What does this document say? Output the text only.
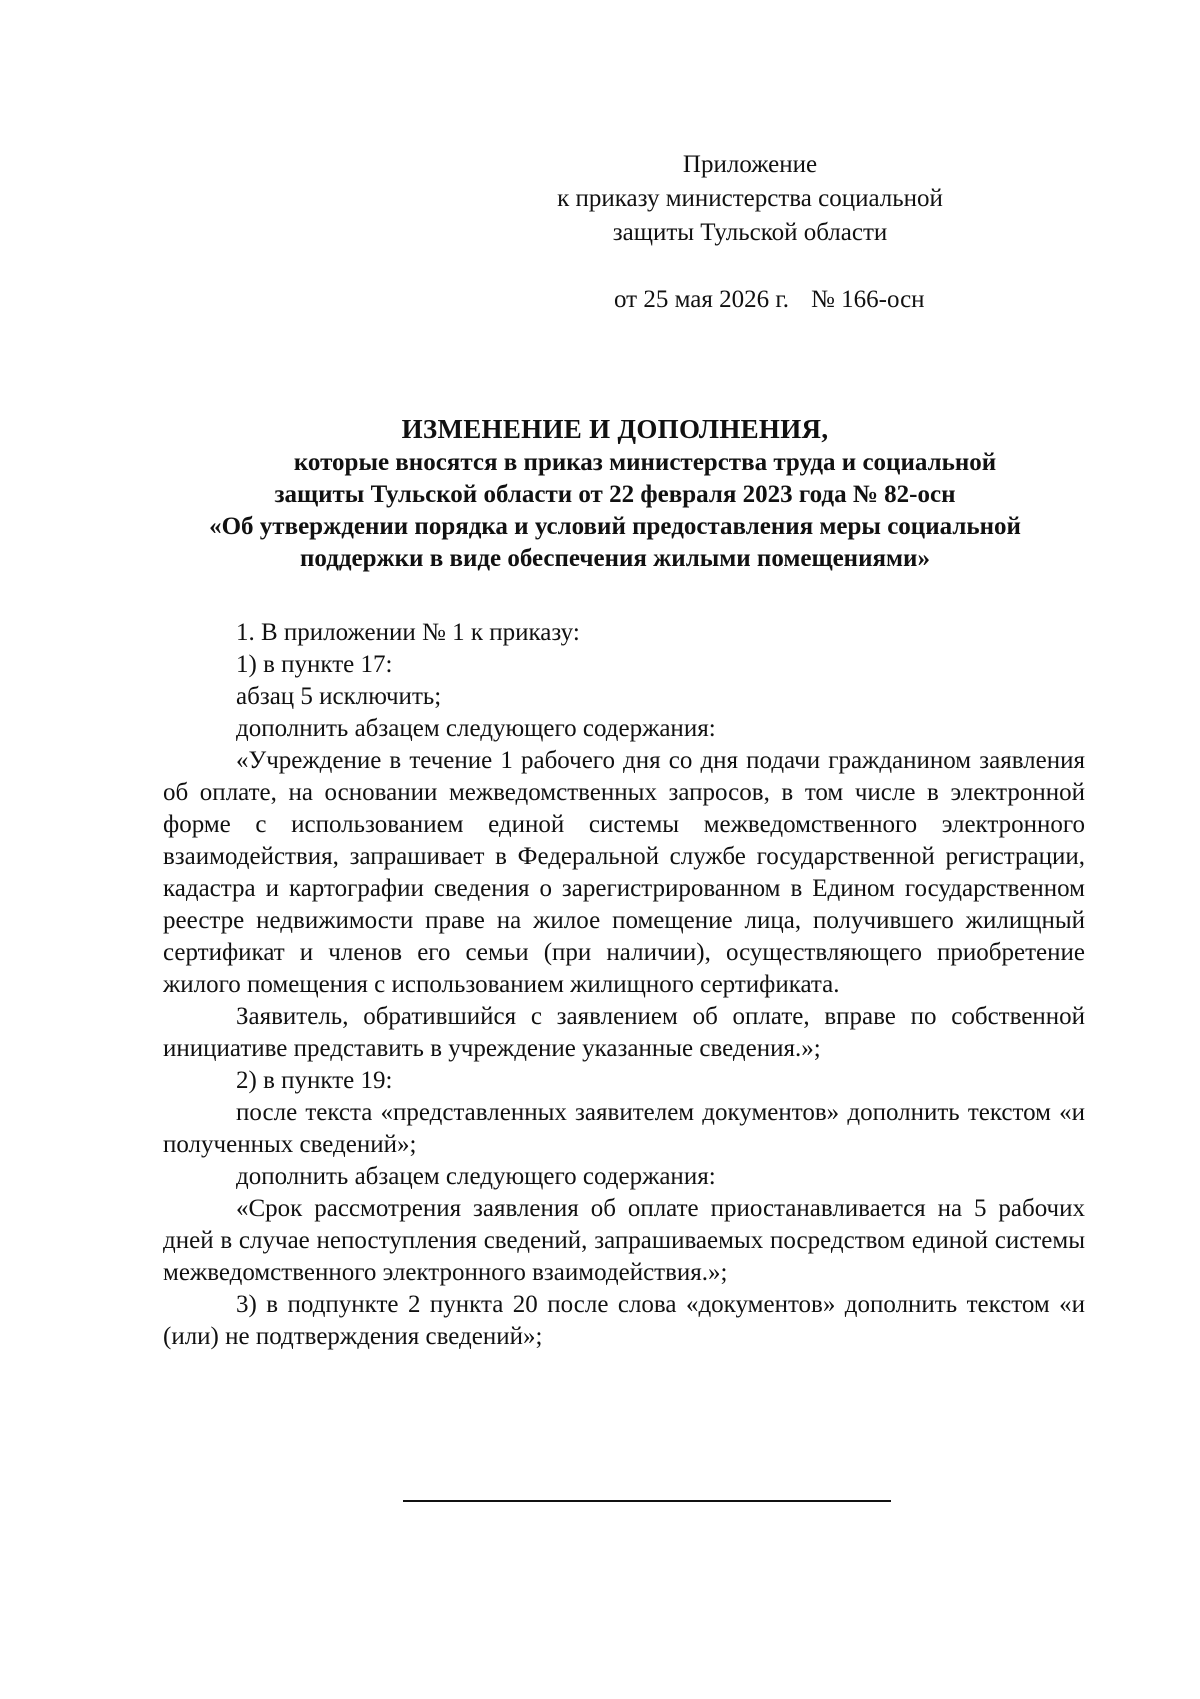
Приложение
к приказу министерства социальной
защиты Тульской области
от 25 мая 2026 г. № 166-осн
ИЗМЕНЕНИЕ И ДОПОЛНЕНИЯ,
которые вносятся в приказ министерства труда и социальной
защиты Тульской области от 22 февраля 2023 года № 82-осн
«Об утверждении порядка и условий предоставления меры социальной
поддержки в виде обеспечения жилыми помещениями»

1. В приложении № 1 к приказу:

1) в пункте 17:

абзац 5 исключить;

дополнить абзацем следующего содержания:

«Учреждение в течение 1 рабочего дня со дня подачи гражданином заявления об оплате, на основании межведомственных запросов, в том числе в электронной форме с использованием единой системы межведомственного электронного взаимодействия, запрашивает в Федеральной службе государственной регистрации, кадастра и картографии сведения о зарегистрированном в Едином государственном реестре недвижимости праве на жилое помещение лица, получившего жилищный сертификат и членов его семьи (при наличии), осуществляющего приобретение жилого помещения с использованием жилищного сертификата.

Заявитель, обратившийся с заявлением об оплате, вправе по собственной инициативе представить в учреждение указанные сведения.»;

2) в пункте 19:

после текста «представленных заявителем документов» дополнить текстом «и полученных сведений»;

дополнить абзацем следующего содержания:

«Срок рассмотрения заявления об оплате приостанавливается на 5 рабочих дней в случае непоступления сведений, запрашиваемых посредством единой системы межведомственного электронного взаимодействия.»;

3) в подпункте 2 пункта 20 после слова «документов» дополнить текстом «и (или) не подтверждения сведений»;
